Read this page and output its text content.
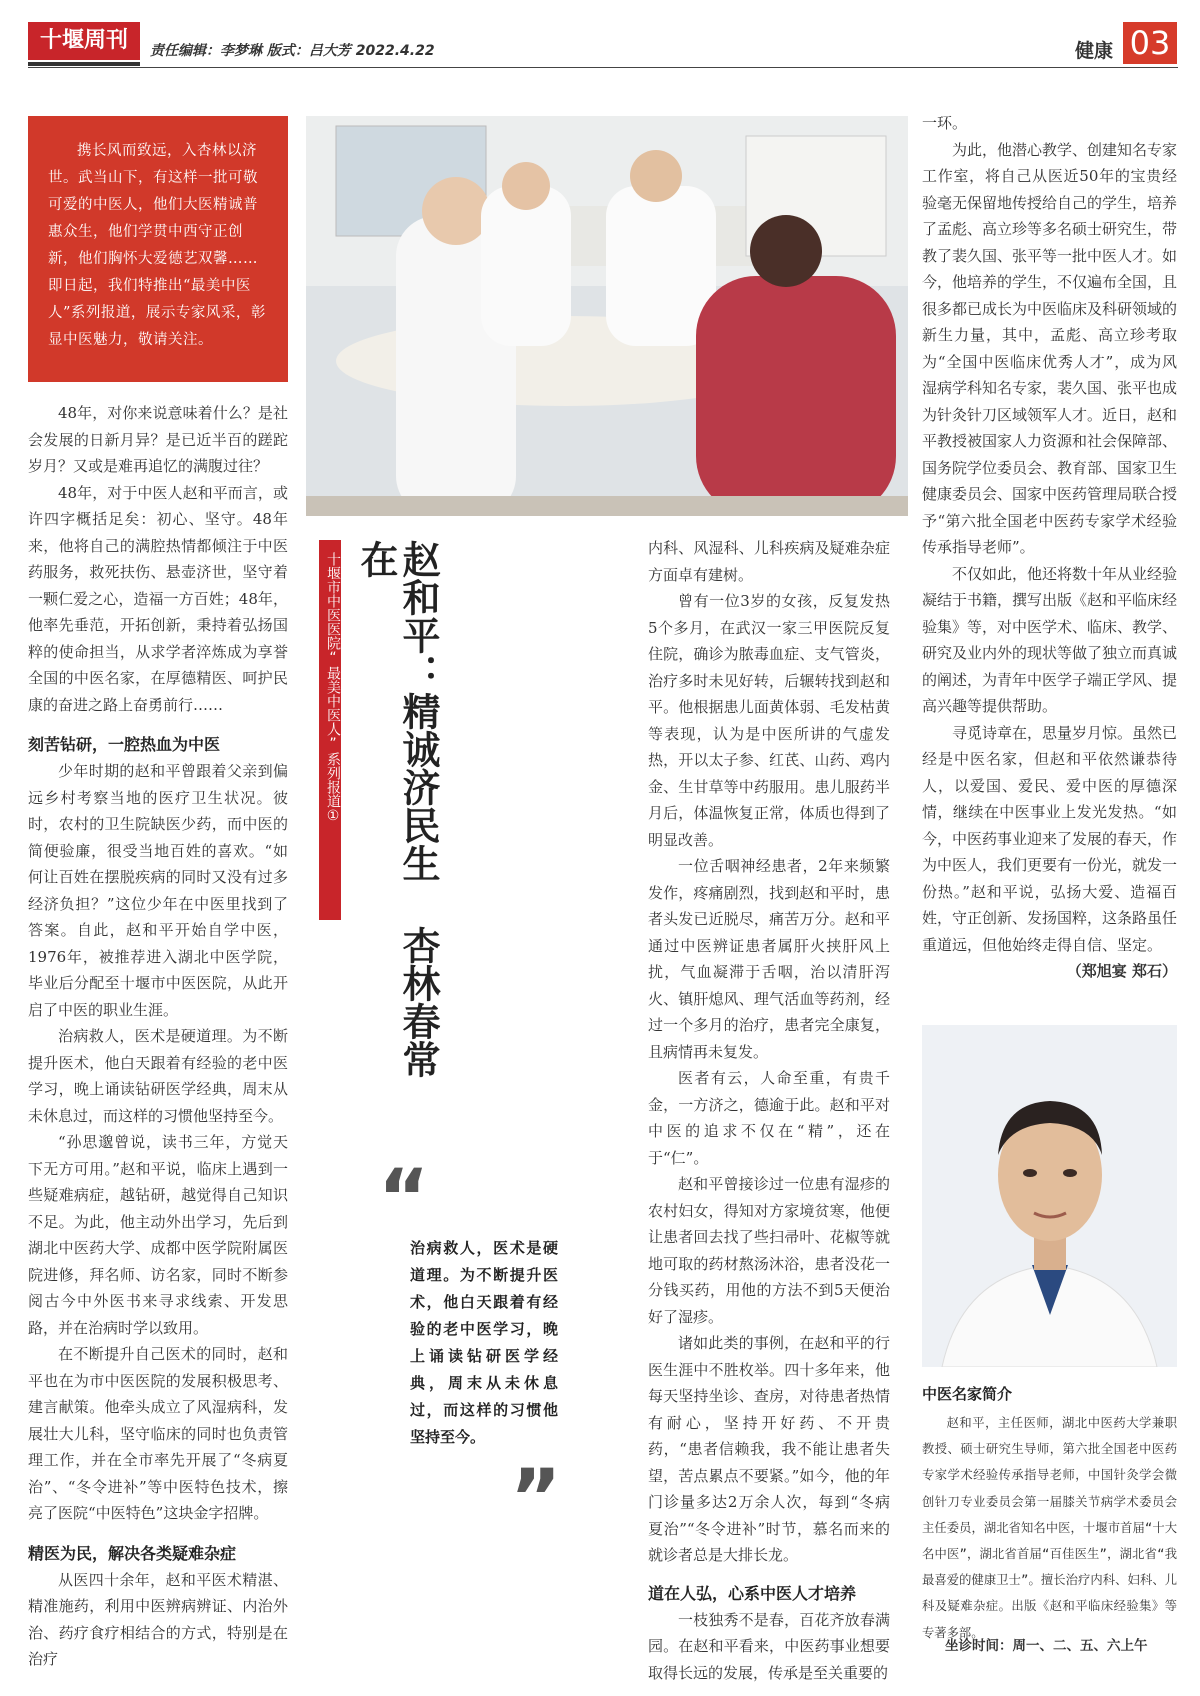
十堰周刊	责任编辑：李梦琳 版式：吕大芳 2022.4.22	健康 03

携长风而致远，入杏林以济世。武当山下，有这样一批可敬可爱的中医人，他们大医精诚普惠众生，他们学贯中西守正创新，他们胸怀大爱德艺双馨……即日起，我们特推出“最美中医人”系列报道，展示专家风采，彰显中医魅力，敬请关注。

48年，对你来说意味着什么？是社会发展的日新月异？是已近半百的蹉跎岁月？又或是难再追忆的满腹过往？

48年，对于中医人赵和平而言，或许四字概括足矣：初心、坚守。48年来，他将自己的满腔热情都倾注于中医药服务，救死扶伤、悬壶济世，坚守着一颗仁爱之心，造福一方百姓；48年，他率先垂范，开拓创新，秉持着弘扬国粹的使命担当，从求学者淬炼成为享誉全国的中医名家，在厚德精医、呵护民康的奋进之路上奋勇前行……

刻苦钻研，一腔热血为中医

少年时期的赵和平曾跟着父亲到偏远乡村考察当地的医疗卫生状况。彼时，农村的卫生院缺医少药，而中医的简便验廉，很受当地百姓的喜欢。“如何让百姓在摆脱疾病的同时又没有过多经济负担？”这位少年在中医里找到了答案。自此，赵和平开始自学中医，1976年，被推荐进入湖北中医学院，毕业后分配至十堰市中医医院，从此开启了中医的职业生涯。

治病救人，医术是硬道理。为不断提升医术，他白天跟着有经验的老中医学习，晚上诵读钻研医学经典，周末从未休息过，而这样的习惯他坚持至今。

“孙思邈曾说，读书三年，方觉天下无方可用。”赵和平说，临床上遇到一些疑难病症，越钻研，越觉得自己知识不足。为此，他主动外出学习，先后到湖北中医药大学、成都中医学院附属医院进修，拜名师、访名家，同时不断参阅古今中外医书来寻求线索、开发思路，并在治病时学以致用。

在不断提升自己医术的同时，赵和平也在为市中医医院的发展积极思考、建言献策。他牵头成立了风湿病科，发展壮大儿科，坚守临床的同时也负责管理工作，并在全市率先开展了“冬病夏治”、“冬令进补”等中医特色技术，擦亮了医院“中医特色”这块金字招牌。

精医为民，解决各类疑难杂症

从医四十余年，赵和平医术精湛、精准施药，利用中医辨病辨证、内治外治、药疗食疗相结合的方式，特别是在治疗

十堰市中医医院“最美中医人”系列报道①	赵和平：精诚济民生 杏林春常在
“
治病救人，医术是硬道理。为不断提升医术，他白天跟着有经验的老中医学习，晚上诵读钻研医学经典，周末从未休息过，而这样的习惯他坚持至今。
”

内科、风湿科、儿科疾病及疑难杂症方面卓有建树。

曾有一位3岁的女孩，反复发热5个多月，在武汉一家三甲医院反复住院，确诊为脓毒血症、支气管炎，治疗多时未见好转，后辗转找到赵和平。他根据患儿面黄体弱、毛发枯黄等表现，认为是中医所讲的气虚发热，开以太子参、红芪、山药、鸡内金、生甘草等中药服用。患儿服药半月后，体温恢复正常，体质也得到了明显改善。

一位舌咽神经患者，2年来频繁发作，疼痛剧烈，找到赵和平时，患者头发已近脱尽，痛苦万分。赵和平通过中医辨证患者属肝火挟肝风上扰，气血凝滞于舌咽，治以清肝泻火、镇肝熄风、理气活血等药剂，经过一个多月的治疗，患者完全康复，且病情再未复发。

医者有云，人命至重，有贵千金，一方济之，德逾于此。赵和平对中医的追求不仅在“精”，还在于“仁”。

赵和平曾接诊过一位患有湿疹的农村妇女，得知对方家境贫寒，他便让患者回去找了些扫帚叶、花椒等就地可取的药材熬汤沐浴，患者没花一分钱买药，用他的方法不到5天便治好了湿疹。

诸如此类的事例，在赵和平的行医生涯中不胜枚举。四十多年来，他每天坚持坐诊、查房，对待患者热情有耐心，坚持开好药、不开贵药，“患者信赖我，我不能让患者失望，苦点累点不要紧。”如今，他的年门诊量多达2万余人次，每到“冬病夏治”“冬令进补”时节，慕名而来的就诊者总是大排长龙。

道在人弘，心系中医人才培养

一枝独秀不是春，百花齐放春满园。在赵和平看来，中医药事业想要取得长远的发展，传承是至关重要的

一环。

为此，他潜心教学、创建知名专家工作室，将自己从医近50年的宝贵经验毫无保留地传授给自己的学生，培养了孟彪、高立珍等多名硕士研究生，带教了裴久国、张平等一批中医人才。如今，他培养的学生，不仅遍布全国，且很多都已成长为中医临床及科研领域的新生力量，其中，孟彪、高立珍考取为“全国中医临床优秀人才”，成为风湿病学科知名专家，裴久国、张平也成为针灸针刀区域领军人才。近日，赵和平教授被国家人力资源和社会保障部、国务院学位委员会、教育部、国家卫生健康委员会、国家中医药管理局联合授予“第六批全国老中医药专家学术经验传承指导老师”。

不仅如此，他还将数十年从业经验凝结于书籍，撰写出版《赵和平临床经验集》等，对中医学术、临床、教学、研究及业内外的现状等做了独立而真诚的阐述，为青年中医学子端正学风、提高兴趣等提供帮助。

寻觅诗章在，思量岁月惊。虽然已经是中医名家，但赵和平依然谦恭待人，以爱国、爱民、爱中医的厚德深情，继续在中医事业上发光发热。“如今，中医药事业迎来了发展的春天，作为中医人，我们更要有一份光，就发一份热。”赵和平说，弘扬大爱、造福百姓，守正创新、发扬国粹，这条路虽任重道远，但他始终走得自信、坚定。

（郑旭宴 郑石）

中医名家简介

赵和平，主任医师，湖北中医药大学兼职教授、硕士研究生导师，第六批全国老中医药专家学术经验传承指导老师，中国针灸学会微创针刀专业委员会第一届膝关节病学术委员会主任委员，湖北省知名中医，十堰市首届“十大名中医”，湖北省首届“百佳医生”，湖北省“我最喜爱的健康卫士”。擅长治疗内科、妇科、儿科及疑难杂症。出版《赵和平临床经验集》等专著多部。

坐诊时间：周一、二、五、六上午
